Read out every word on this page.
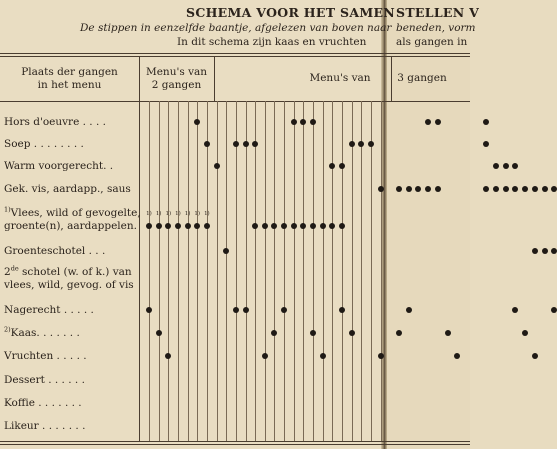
SCHEMA VOOR HET SAMEN
De stippen in eenzelfde baantje, afgelezen van boven naar
In dit schema zijn kaas en vruchten
STELLEN V
beneden, vorm
als gangen in
Plaats der gangen
in het menu
Menu's van
2 gangen
Menu's van	3 gangen
Hors d'oeuvre . . . .
Soep . . . . . . . .
Warm voorgerecht. .
Gek. vis, aardapp., saus
$^{1)}$Vlees, wild of gevogelte,
groente(n), aardappelen.
Groenteschotel . . .
2de schotel (w. of k.) van
vlees, wild, gevog. of vis
Nagerecht . . . . .
$^{2)}$Kaas. . . . . . .
Vruchten . . . . .
Dessert . . . . . .
Koffie . . . . . . .
Likeur . . . . . . .
1) 1) 1) 1) 1) 1) 1)
